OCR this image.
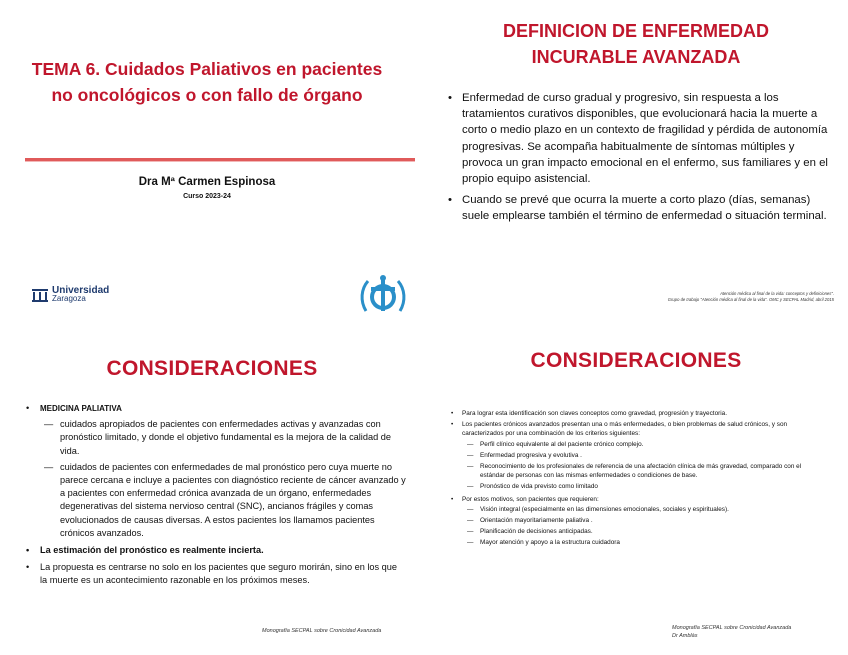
TEMA 6. Cuidados Paliativos en pacientes no oncológicos o con fallo de órgano
Dra Mª Carmen Espinosa
Curso 2023-24
Universidad
Zaragoza
DEFINICION DE ENFERMEDAD INCURABLE AVANZADA
• Enfermedad de curso gradual y progresivo, sin respuesta a los tratamientos curativos disponibles, que evolucionará hacia la muerte a corto o medio plazo en un contexto de fragilidad y pérdida de autonomía progresivas. Se acompaña habitualmente de síntomas múltiples y provoca un gran impacto emocional en el enfermo, sus familiares y en el propio equipo asistencial.
• Cuando se prevé que ocurra la muerte a corto plazo (días, semanas) suele emplearse también el término de enfermedad o situación terminal.
Atención médica al final de la vida: conceptos y definiciones".
Grupo de trabajo "Atención médica al final de la vida". OMC y SECPAL Madrid, abril 2015
CONSIDERACIONES
• MEDICINA PALIATIVA
— cuidados apropiados de pacientes con enfermedades activas y avanzadas con pronóstico limitado, y donde el objetivo fundamental es la mejora de la calidad de vida.
— cuidados de pacientes con enfermedades de mal pronóstico pero cuya muerte no parece cercana e incluye a pacientes con diagnóstico reciente de cáncer avanzado y a pacientes con enfermedad crónica avanzada de un órgano, enfermedades degenerativas del sistema nervioso central (SNC), ancianos frágiles y comas evolucionados de causas diversas. A estos pacientes los llamamos pacientes crónicos avanzados.
• La estimación del pronóstico es realmente incierta.
• La propuesta es centrarse no solo en los pacientes que seguro morirán, sino en los que la muerte es un acontecimiento razonable en los próximos meses.
Monografía SECPAL sobre Cronicidad Avanzada
CONSIDERACIONES
• Para lograr esta identificación son claves conceptos como gravedad, progresión y trayectoria.
• Los pacientes crónicos avanzados presentan una o más enfermedades, o bien problemas de salud crónicos, y son caracterizados por una combinación de los criterios siguientes:
— Perfil clínico equivalente al del paciente crónico complejo.
— Enfermedad progresiva y evolutiva .
— Reconocimiento de los profesionales de referencia de una afectación clínica de más gravedad, comparado con el estándar de personas con las mismas enfermedades o condiciones de base.
— Pronóstico de vida previsto como limitado
• Por estos motivos, son pacientes que requieren:
— Visión integral (especialmente en las dimensiones emocionales, sociales y espirituales).
— Orientación mayoritariamente paliativa .
— Planificación de decisiones anticipadas.
— Mayor atención y apoyo a la estructura cuidadora
Monografía SECPAL sobre Cronicidad Avanzada
Dr Amblàs
